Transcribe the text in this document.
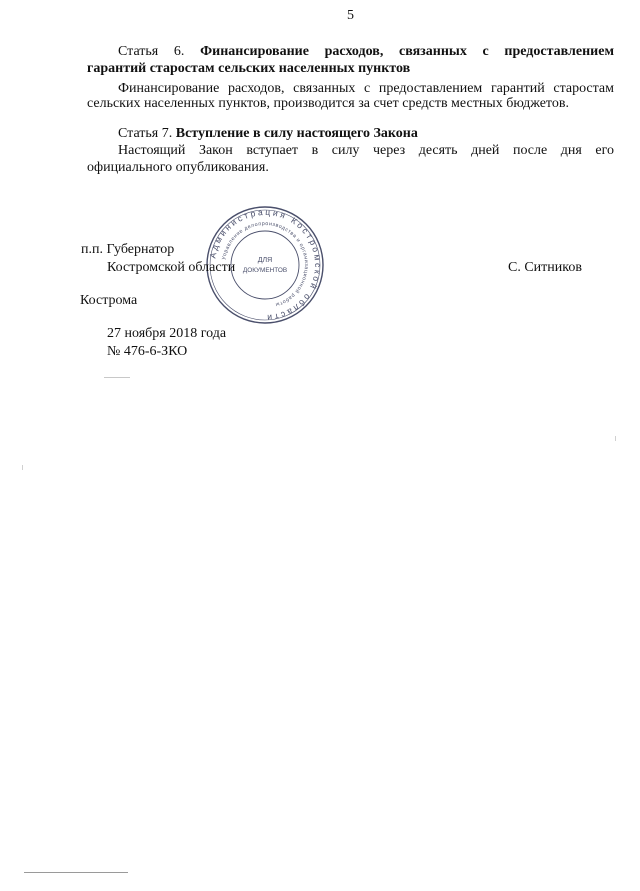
5
Статья 6. Финансирование расходов, связанных с предоставлением
гарантий старостам сельских населенных пунктов
Финансирование расходов, связанных с предоставлением гарантий старостам
сельских населенных пунктов, производится за счет средств местных бюджетов.
Статья 7. Вступление в силу настоящего Закона
Настоящий Закон вступает в силу через десять дней после дня его
официального опубликования.
Администрация Костромской области
Управление делопроизводства и организационной работы
ДЛЯ
ДОКУМЕНТОВ
п.п. Губернатор
Костромской области	С. Ситников
Кострома
27 ноября 2018 года
№ 476-6-ЗКО
